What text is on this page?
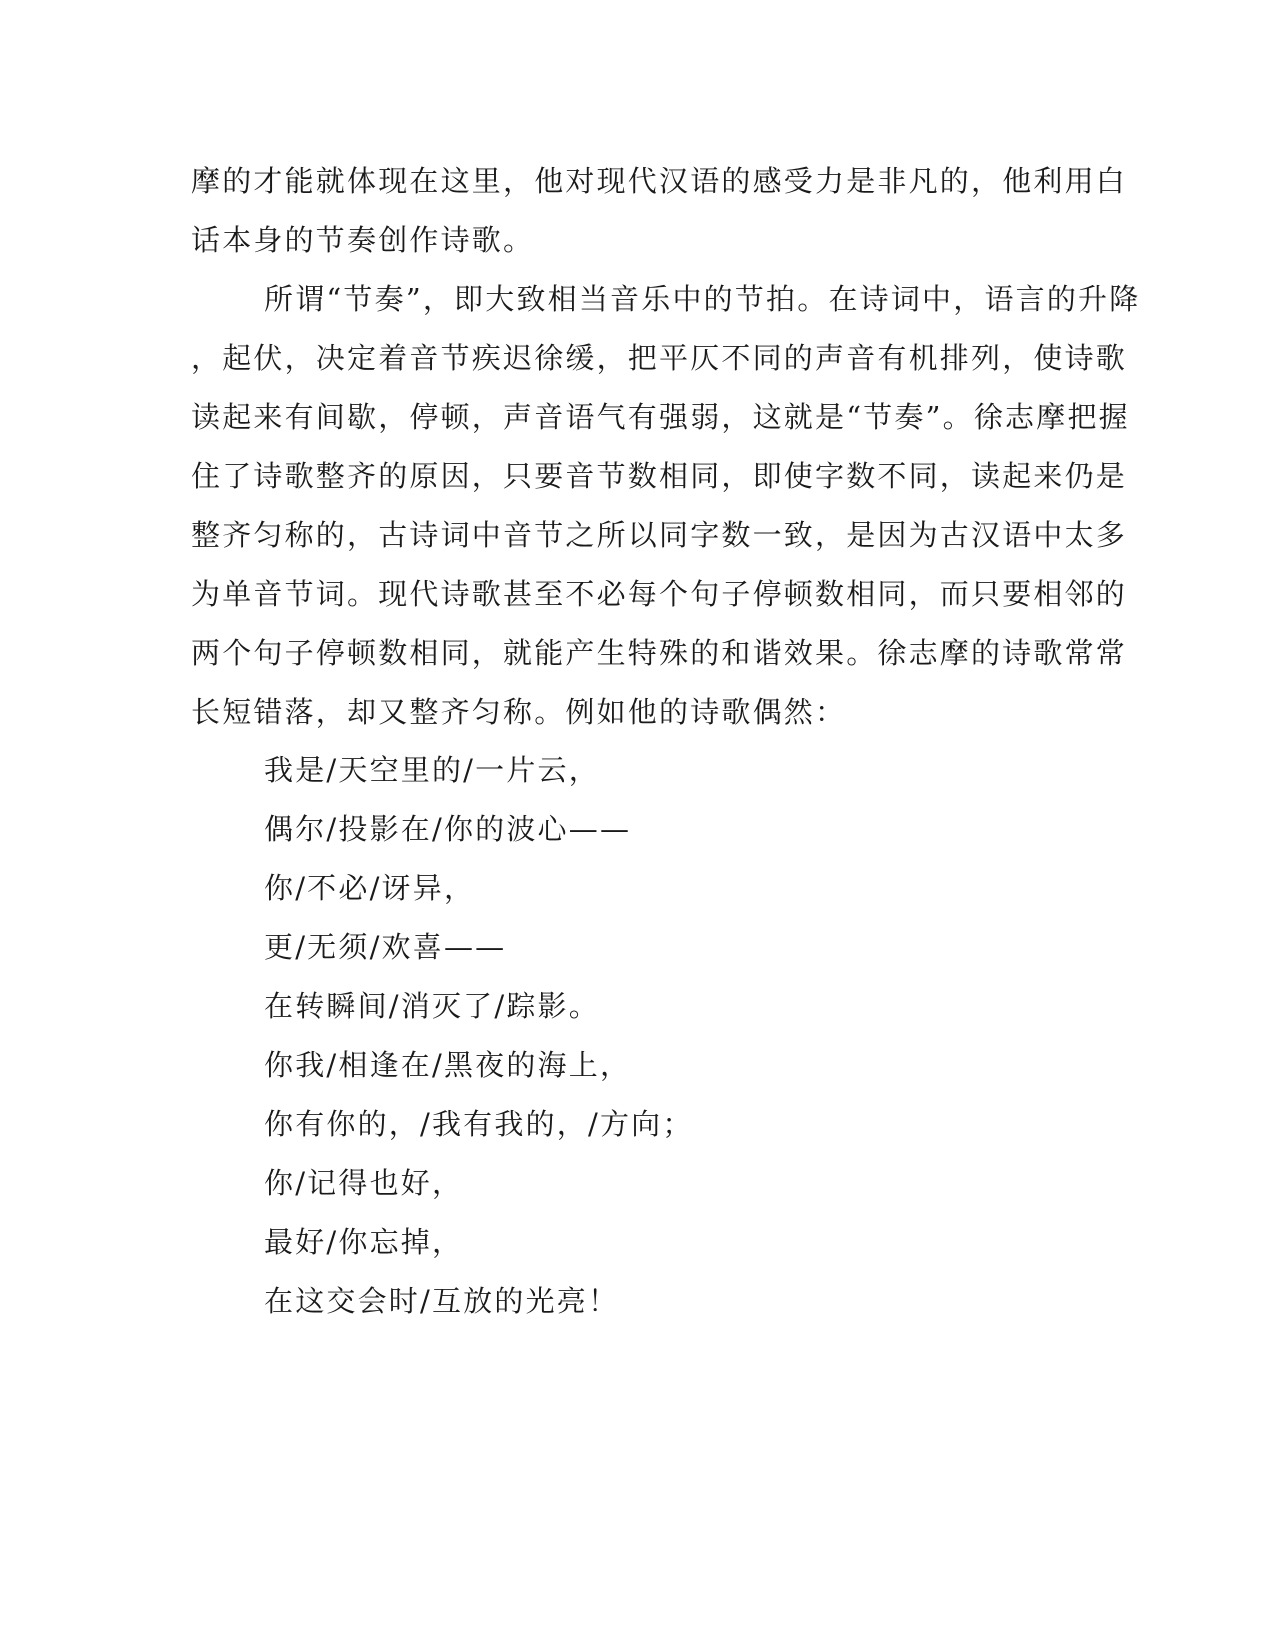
摩的才能就体现在这里，他对现代汉语的感受力是非凡的，他利用白

话本身的节奏创作诗歌。

所谓“节奏”，即大致相当音乐中的节拍。在诗词中，语言的升降

，起伏，决定着音节疾迟徐缓，把平仄不同的声音有机排列，使诗歌

读起来有间歇，停顿，声音语气有强弱，这就是“节奏”。徐志摩把握

住了诗歌整齐的原因，只要音节数相同，即使字数不同，读起来仍是

整齐匀称的，古诗词中音节之所以同字数一致，是因为古汉语中太多

为单音节词。现代诗歌甚至不必每个句子停顿数相同，而只要相邻的

两个句子停顿数相同，就能产生特殊的和谐效果。徐志摩的诗歌常常

长短错落，却又整齐匀称。例如他的诗歌偶然：

我是/天空里的/一片云，

偶尔/投影在/你的波心——

你/不必/讶异，

更/无须/欢喜——

在转瞬间/消灭了/踪影。

你我/相逢在/黑夜的海上，

你有你的，/我有我的，/方向；

你/记得也好，

最好/你忘掉，

在这交会时/互放的光亮！
